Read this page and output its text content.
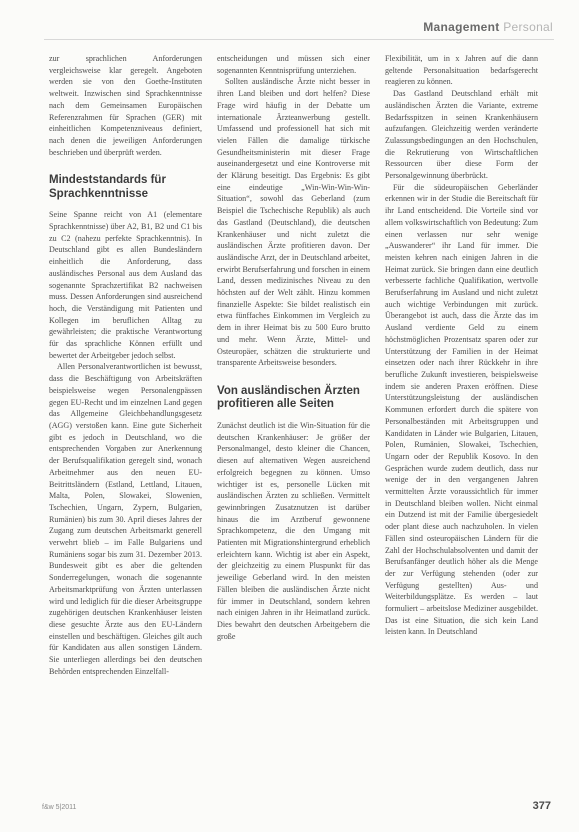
Management Personal

zur sprachlichen Anforderungen vergleichsweise klar geregelt. Angeboten werden sie von den Goethe-Instituten weltweit. Inzwischen sind Sprachkenntnisse nach dem Gemeinsamen Europäischen Referenzrahmen für Sprachen (GER) mit einheitlichen Kompetenzniveaus definiert, nach denen die jeweiligen Anforderungen beschrieben und überprüft werden.

Mindeststandards für Sprachkenntnisse

Seine Spanne reicht von A1 (elementare Sprachkenntnisse) über A2, B1, B2 und C1 bis zu C2 (nahezu perfekte Sprachkenntnis). In Deutschland gibt es allen Bundesländern einheitlich die Anforderung, dass ausländisches Personal aus dem Ausland das sogenannte Sprachzertifikat B2 nachweisen muss. Dessen Anforderungen sind ausreichend hoch, die Verständigung mit Patienten und Kollegen im beruflichen Alltag zu gewährleisten; die praktische Verantwortung für das sprachliche Können erfüllt und bewertet der Arbeitgeber jedoch selbst.

Allen Personalverantwortlichen ist bewusst, dass die Beschäftigung von Arbeitskräften beispielsweise wegen Personalengpässen gegen EU-Recht und im einzelnen Land gegen das Allgemeine Gleichbehandlungsgesetz (AGG) verstoßen kann. Eine gute Sicherheit gibt es jedoch in Deutschland, wo die entsprechenden Vorgaben zur Anerkennung der Berufsqualifikation geregelt sind, wonach Arbeitnehmer aus den neuen EU-Beitrittsländern (Estland, Lettland, Litauen, Malta, Polen, Slowakei, Slowenien, Tschechien, Ungarn, Zypern, Bulgarien, Rumänien) bis zum 30. April dieses Jahres der Zugang zum deutschen Arbeitsmarkt generell verwehrt blieb – im Falle Bulgariens und Rumäniens sogar bis zum 31. Dezember 2013. Bundesweit gibt es aber die geltenden Sonderregelungen, wonach die sogenannte Arbeitsmarktprüfung von Ärzten unterlassen wird und lediglich für die dieser Arbeitsgruppe zugehörigen deutschen Krankenhäuser leisten diese gesuchte Ärzte aus den EU-Ländern einstellen und beschäftigen. Gleiches gilt auch für Kandidaten aus allen sonstigen Ländern. Sie unterliegen allerdings bei den deutschen Behörden entsprechenden Einzelfall-

entscheidungen und müssen sich einer sogenannten Kenntnisprüfung unterziehen.

Sollten ausländische Ärzte nicht besser in ihren Land bleiben und dort helfen? Diese Frage wird häufig in der Debatte um internationale Ärzteanwerbung gestellt. Umfassend und professionell hat sich mit vielen Fällen die damalige türkische Gesundheitsministerin mit dieser Frage auseinandergesetzt und eine Kontroverse mit der Klärung beseitigt. Das Ergebnis: Es gibt eine eindeutige „Win-Win-Win-Win-Situation“, sowohl das Geberland (zum Beispiel die Tschechische Republik) als auch das Gastland (Deutschland), die deutschen Krankenhäuser und nicht zuletzt die ausländischen Ärzte profitieren davon. Der ausländische Arzt, der in Deutschland arbeitet, erwirbt Berufserfahrung und forschen in einem Land, dessen medizinisches Niveau zu den höchsten auf der Welt zählt. Hinzu kommen finanzielle Aspekte: Sie bildet realistisch ein etwa fünffaches Einkommen im Vergleich zu dem in ihrer Heimat bis zu 500 Euro brutto und mehr. Wenn Ärzte, Mittel- und Osteuropäer, schätzen die strukturierte und transparente Arbeitsweise besonders.

Von ausländischen Ärzten profitieren alle Seiten

Zunächst deutlich ist die Win-Situation für die deutschen Krankenhäuser: Je größer der Personalmangel, desto kleiner die Chancen, diesen auf alternativen Wegen ausreichend erfolgreich begegnen zu können. Umso wichtiger ist es, personelle Lücken mit ausländischen Ärzten zu schließen. Vermittelt gewinnbringen Zusatznutzen ist darüber hinaus die im Arztberuf gewonnene Sprachkompetenz, die den Umgang mit Patienten mit Migrationshintergrund erheblich erleichtern kann. Wichtig ist aber ein Aspekt, der gleichzeitig zu einem Pluspunkt für das jeweilige Geberland wird. In den meisten Fällen bleiben die ausländischen Ärzte nicht für immer in Deutschland, sondern kehren nach einigen Jahren in ihr Heimatland zurück. Dies bewahrt den deutschen Arbeitgebern die große

Flexibilität, um in x Jahren auf die dann geltende Personalsituation bedarfsgerecht reagieren zu können.

Das Gastland Deutschland erhält mit ausländischen Ärzten die Variante, extreme Bedarfsspitzen in seinen Krankenhäusern aufzufangen. Gleichzeitig werden veränderte Zulassungsbedingungen an den Hochschulen, die Rekrutierung von Wirtschaftlichen Ressourcen über diese Form der Personalgewinnung überbrückt.

Für die südeuropäischen Geberländer erkennen wir in der Studie die Bereitschaft für ihr Land entscheidend. Die Vorteile sind vor allem volkswirtschaftlich von Bedeutung: Zum einen verlassen nur sehr wenige „Auswanderer“ ihr Land für immer. Die meisten kehren nach einigen Jahren in die Heimat zurück. Sie bringen dann eine deutlich verbesserte fachliche Qualifikation, wertvolle Berufserfahrung im Ausland und nicht zuletzt auch wichtige Verbindungen mit zurück. Überangebot ist auch, dass die Ärzte das im Ausland verdiente Geld zu einem höchstmöglichen Prozentsatz sparen oder zur Unterstützung der Familien in der Heimat einsetzen oder nach ihrer Rückkehr in ihre berufliche Zukunft investieren, beispielsweise indem sie anderen Praxen eröffnen. Diese Unterstützungsleistung der ausländischen Kommunen erfordert durch die spätere von Personalbeständen mit Arbeitsgruppen und Kandidaten in Länder wie Bulgarien, Litauen, Polen, Rumänien, Slowakei, Tschechien, Ungarn oder der Republik Kosovo. In den Gesprächen wurde zudem deutlich, dass nur wenige der in den vergangenen Jahren vermittelten Ärzte voraussichtlich für immer in Deutschland bleiben wollen. Nicht einmal ein Dutzend ist mit der Familie übergesiedelt oder plant diese auch nachzuholen. In vielen Fällen sind osteuropäischen Ländern für die Zahl der Hochschulabsolventen und damit der Berufsanfänger deutlich höher als die Menge der zur Verfügung stehenden (oder zur Verfügung gestellten) Aus- und Weiterbildungsplätze. Es werden – laut formuliert – arbeitslose Mediziner ausgebildet. Das ist eine Situation, die sich kein Land leisten kann. In Deutschland

f&w 5|2011	377
